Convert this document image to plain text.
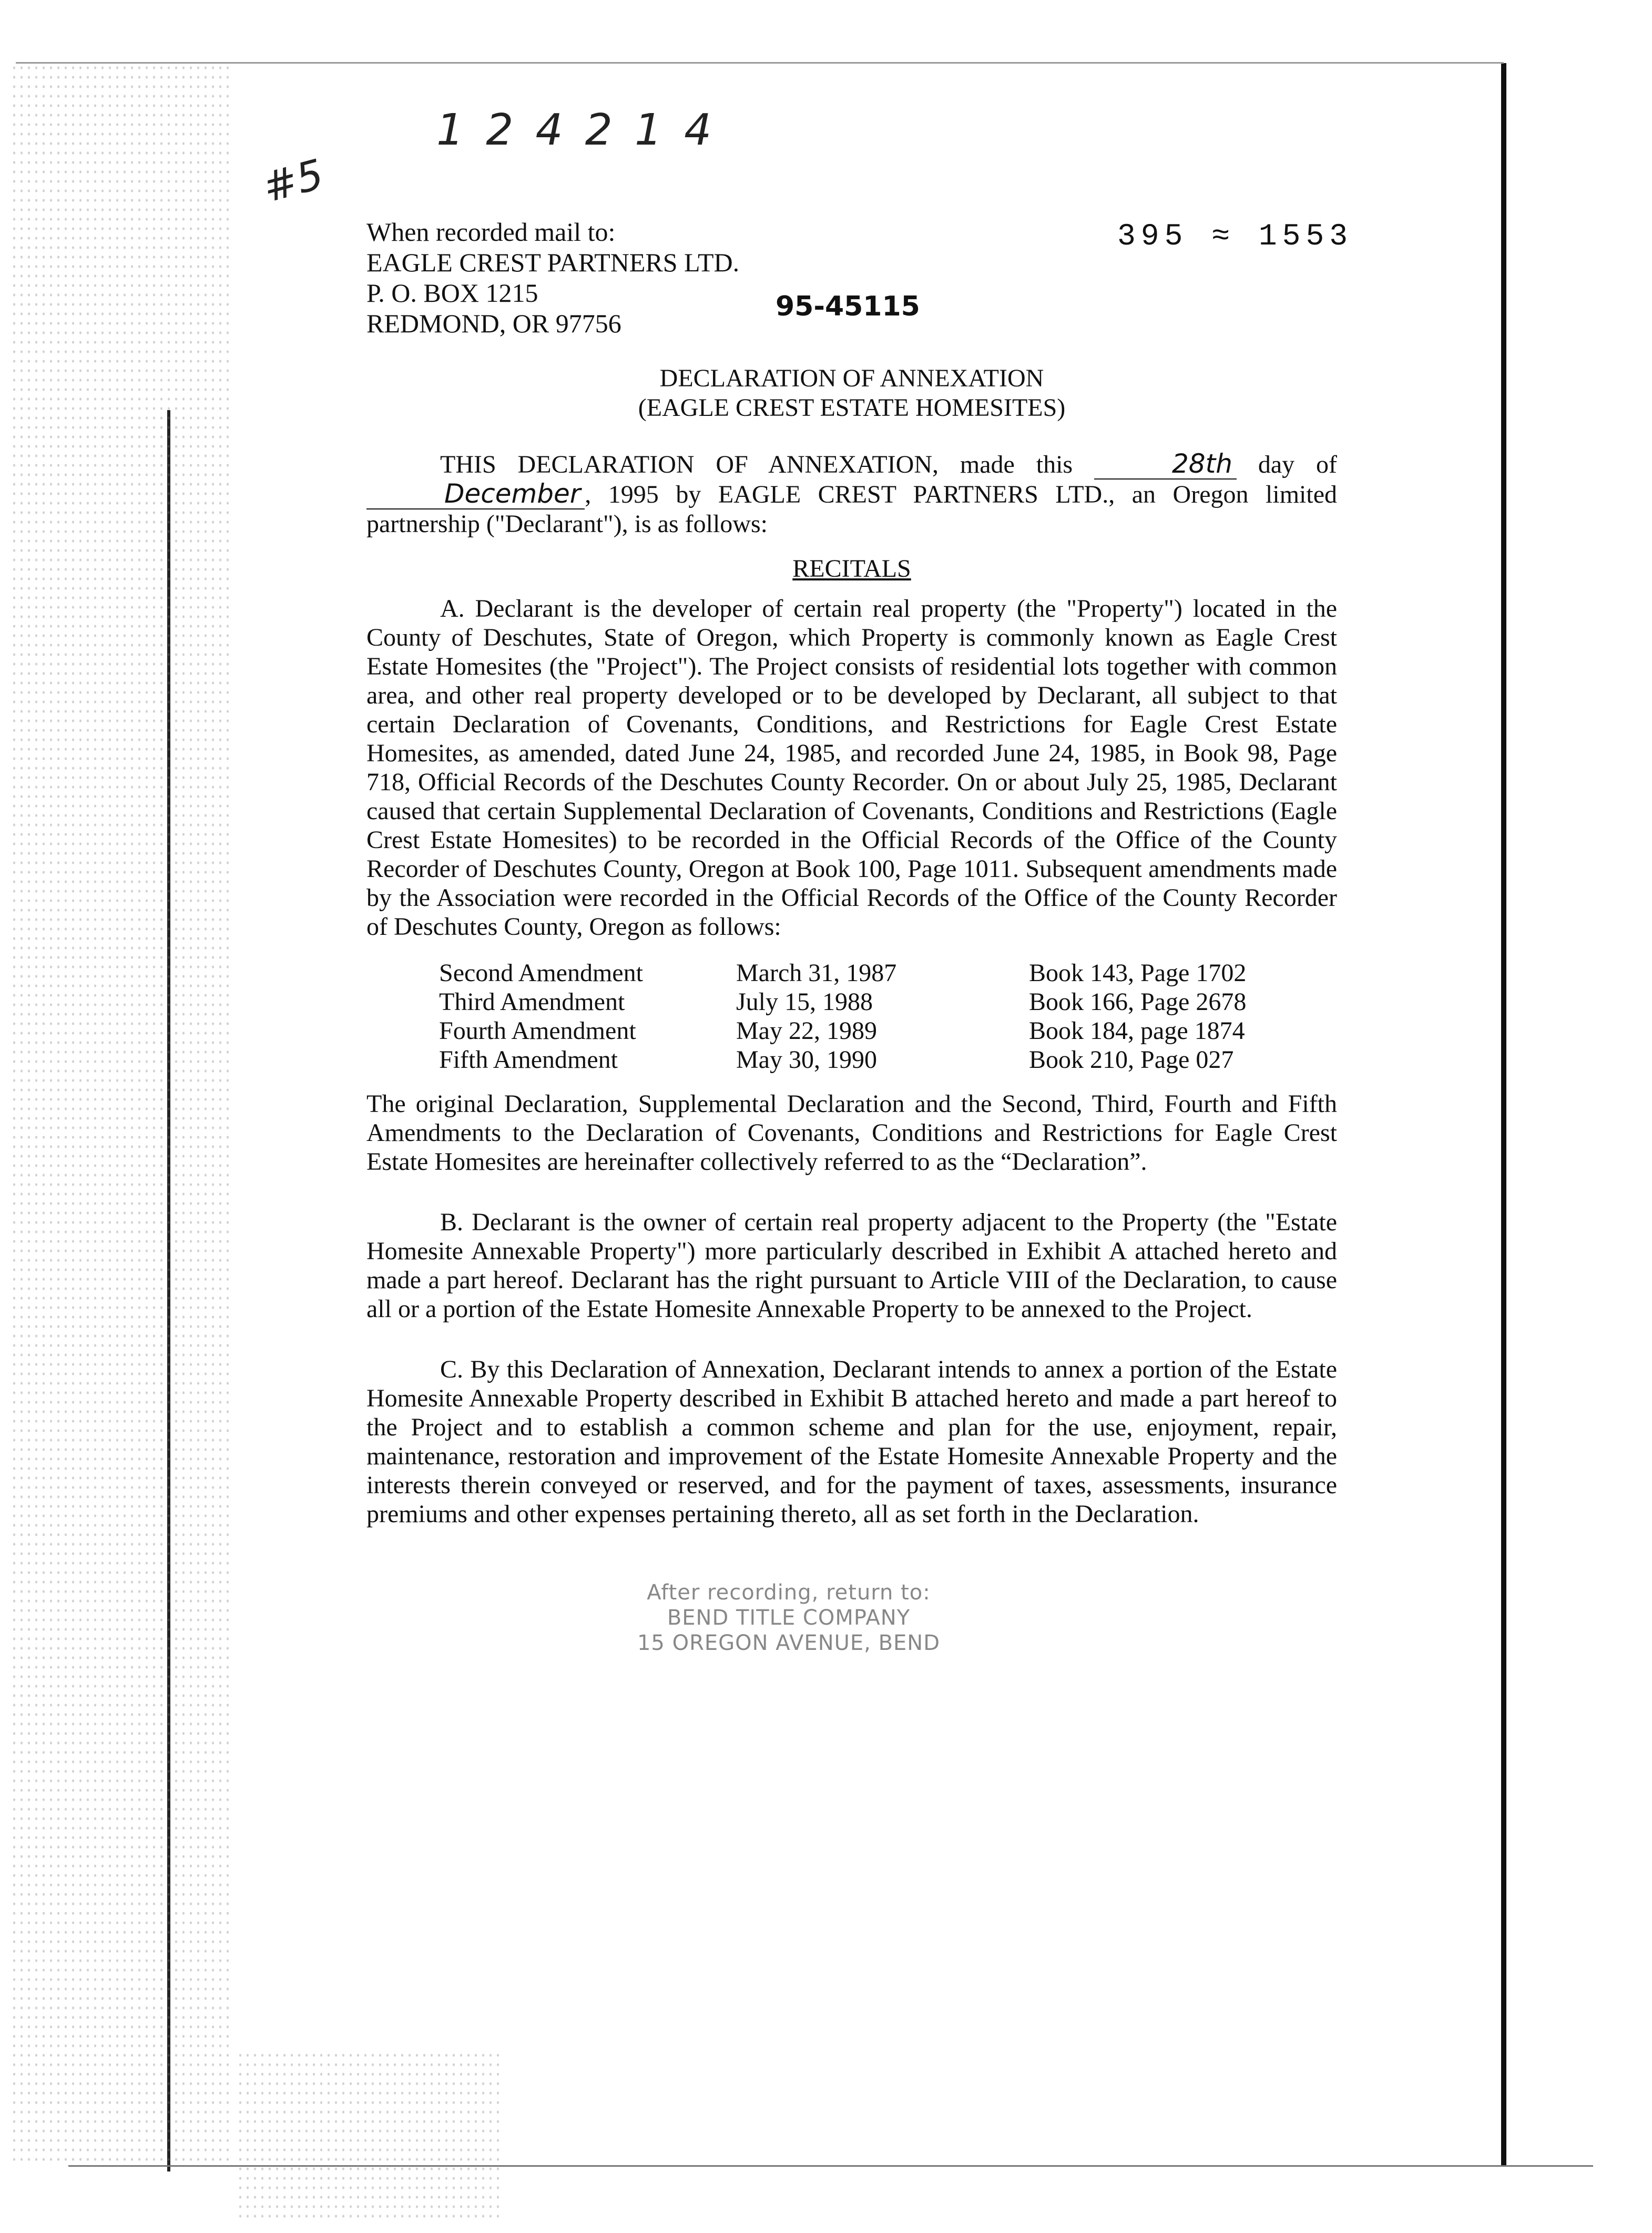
1 2 4 2 1 4
#5
When recorded mail to:
EAGLE CREST PARTNERS LTD.
P. O. BOX 1215
REDMOND, OR 97756
395 ≈ 1553
95-45115
DECLARATION OF ANNEXATION
(EAGLE CREST ESTATE HOMESITES)
THIS DECLARATION OF ANNEXATION, made this	28th day ofDecember , 1995 by EAGLE CREST PARTNERS LTD., an Oregon limited partnership ("Declarant"), is as follows:
RECITALS
A. Declarant is the developer of certain real property (the "Property") located in the County of Deschutes, State of Oregon, which Property is commonly known as Eagle Crest Estate Homesites (the "Project"). The Project consists of residential lots together with common area, and other real property developed or to be developed by Declarant, all subject to that certain Declaration of Covenants, Conditions, and Restrictions for Eagle Crest Estate Homesites, as amended, dated June 24, 1985, and recorded June 24, 1985, in Book 98, Page 718, Official Records of the Deschutes County Recorder. On or about July 25, 1985, Declarant caused that certain Supplemental Declaration of Covenants, Conditions and Restrictions (Eagle Crest Estate Homesites) to be recorded in the Official Records of the Office of the County Recorder of Deschutes County, Oregon at Book 100, Page 1011. Subsequent amendments made by the Association were recorded in the Official Records of the Office of the County Recorder of Deschutes County, Oregon as follows:
Second Amendment	March 31, 1987	Book 143, Page 1702
Third Amendment	July 15, 1988	Book 166, Page 2678
Fourth Amendment	May 22, 1989	Book 184, page 1874
Fifth Amendment	May 30, 1990	Book 210, Page 027
The original Declaration, Supplemental Declaration and the Second, Third, Fourth and Fifth Amendments to the Declaration of Covenants, Conditions and Restrictions for Eagle Crest Estate Homesites are hereinafter collectively referred to as the “Declaration”.
B. Declarant is the owner of certain real property adjacent to the Property (the "Estate Homesite Annexable Property") more particularly described in Exhibit A attached hereto and made a part hereof. Declarant has the right pursuant to Article VIII of the Declaration, to cause all or a portion of the Estate Homesite Annexable Property to be annexed to the Project.
C. By this Declaration of Annexation, Declarant intends to annex a portion of the Estate Homesite Annexable Property described in Exhibit B attached hereto and made a part hereof to the Project and to establish a common scheme and plan for the use, enjoyment, repair, maintenance, restoration and improvement of the Estate Homesite Annexable Property and the interests therein conveyed or reserved, and for the payment of taxes, assessments, insurance premiums and other expenses pertaining thereto, all as set forth in the Declaration.
After recording, return to:
BEND TITLE COMPANY
15 OREGON AVENUE, BEND
